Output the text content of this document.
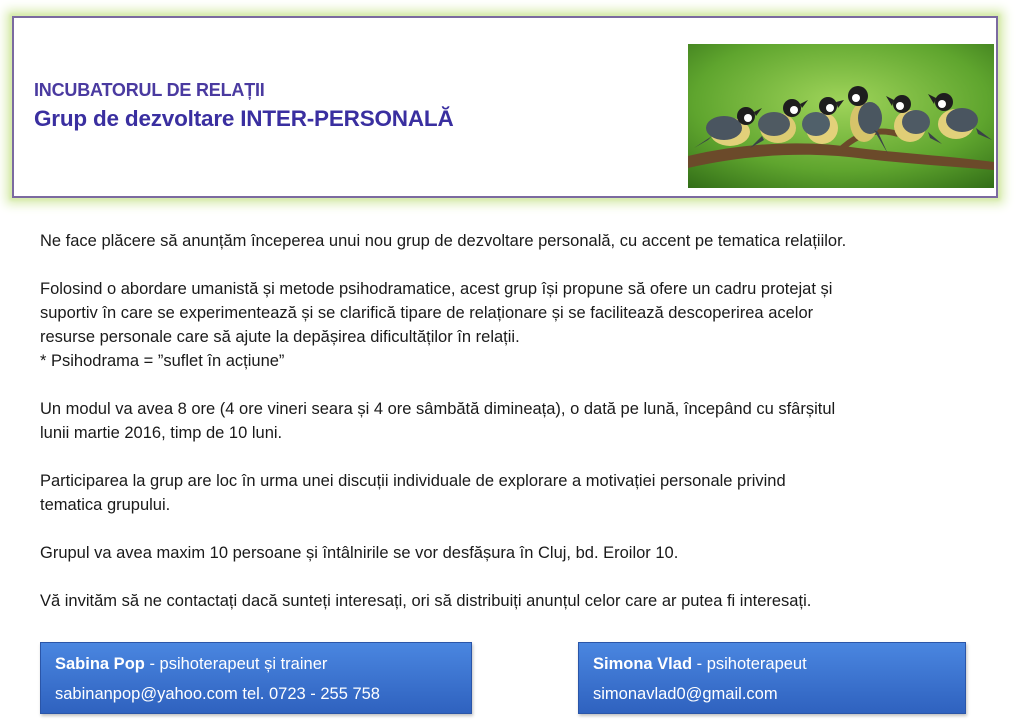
INCUBATORUL DE RELAȚII
Grup de dezvoltare INTER-PERSONALĂ

Ne face plăcere să anunțăm începerea unui nou grup de dezvoltare personală, cu accent pe tematica relațiilor.

Folosind o abordare umanistă și metode psihodramatice, acest grup își propune să ofere un cadru protejat și
suportiv în care se experimentează și se clarifică tipare de relaționare și se facilitează descoperirea acelor
resurse personale care să ajute la depășirea dificultăților în relații.
* Psihodrama = ”suflet în acțiune”

Un modul va avea 8 ore (4 ore vineri seara și 4 ore sâmbătă dimineața), o dată pe lună, începând cu sfârșitul
lunii martie 2016, timp de 10 luni.

Participarea la grup are loc în urma unei discuții individuale de explorare a motivației personale privind
tematica grupului.

Grupul va avea maxim 10 persoane și întâlnirile se vor desfășura în Cluj, bd. Eroilor 10.

Vă invităm să ne contactați dacă sunteți interesați, ori să distribuiți anunțul celor care ar putea fi interesați.

Sabina Pop - psihoterapeut și trainer
sabinanpop@yahoo.com tel. 0723 - 255 758
Simona Vlad - psihoterapeut
simonavlad0@gmail.com
